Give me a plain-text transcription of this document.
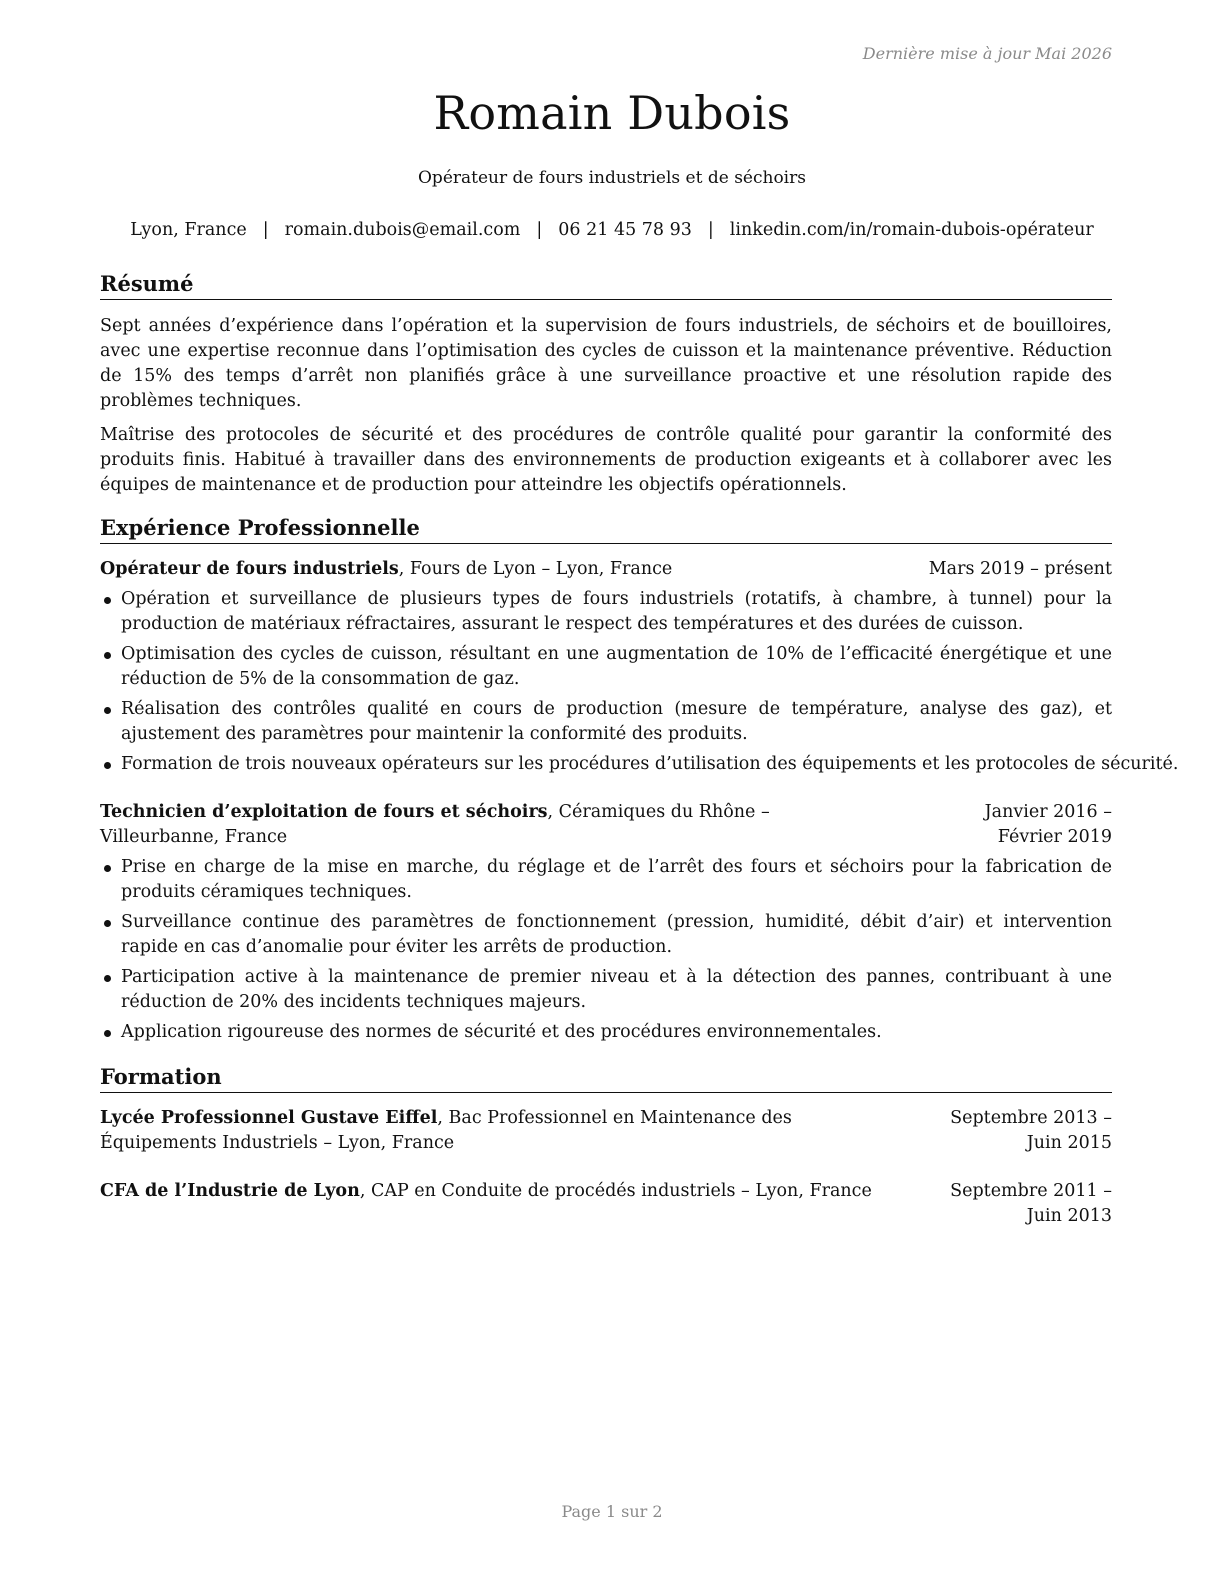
Dernière mise à jour Mai 2026
Romain Dubois
Opérateur de fours industriels et de séchoirs
Lyon, France | romain.dubois@email.com | 06 21 45 78 93 | linkedin.com/in/romain-dubois-opérateur
Résumé

Sept années d’expérience dans l’opération et la supervision de fours industriels, de séchoirs et de bouilloires, avec une expertise reconnue dans l’optimisation des cycles de cuisson et la maintenance préventive. Réduction de 15% des temps d’arrêt non planifiés grâce à une surveillance proactive et une résolution rapide des problèmes techniques.

Maîtrise des protocoles de sécurité et des procédures de contrôle qualité pour garantir la conformité des produits finis. Habitué à travailler dans des environnements de production exigeants et à collaborer avec les équipes de maintenance et de production pour atteindre les objectifs opérationnels.

Expérience Professionnelle
Opérateur de fours industriels, Fours de Lyon – Lyon, France	Mars 2019 – présent
Opération et surveillance de plusieurs types de fours industriels (rotatifs, à chambre, à tunnel) pour la production de matériaux réfractaires, assurant le respect des températures et des durées de cuisson.
Optimisation des cycles de cuisson, résultant en une augmentation de 10% de l’efficacité énergétique et une réduction de 5% de la consommation de gaz.
Réalisation des contrôles qualité en cours de production (mesure de température, analyse des gaz), et ajustement des paramètres pour maintenir la conformité des produits.
Formation de trois nouveaux opérateurs sur les procédures d’utilisation des équipements et les protocoles de sécurité.
Technicien d’exploitation de fours et séchoirs, Céramiques du Rhône – Villeurbanne, France
Janvier 2016 – Février 2019
Prise en charge de la mise en marche, du réglage et de l’arrêt des fours et séchoirs pour la fabrication de produits céramiques techniques.
Surveillance continue des paramètres de fonctionnement (pression, humidité, débit d’air) et intervention rapide en cas d’anomalie pour éviter les arrêts de production.
Participation active à la maintenance de premier niveau et à la détection des pannes, contribuant à une réduction de 20% des incidents techniques majeurs.
Application rigoureuse des normes de sécurité et des procédures environnementales.
Formation
Lycée Professionnel Gustave Eiffel, Bac Professionnel en Maintenance des Équipements Industriels – Lyon, France
Septembre 2013 – Juin 2015
CFA de l’Industrie de Lyon, CAP en Conduite de procédés industriels – Lyon, France	Septembre 2011 – Juin 2013
Page 1 sur 2
